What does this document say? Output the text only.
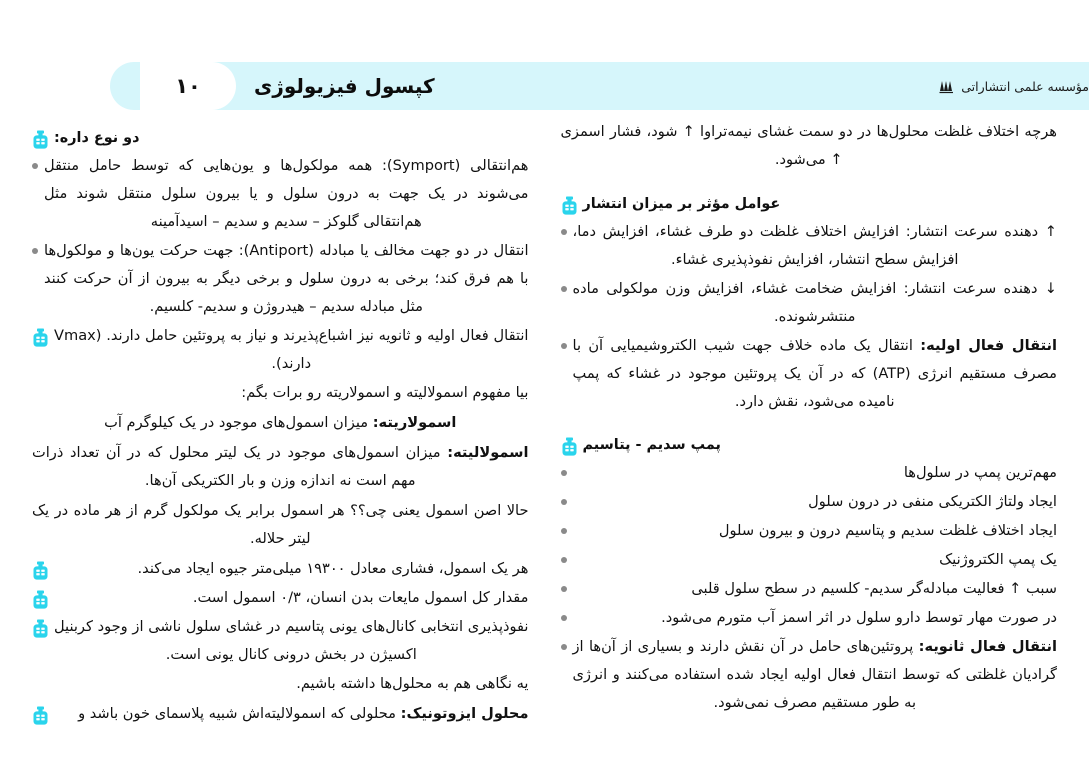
۱۰	کپسول فیزیولوژی	مؤسسه علمی انتشاراتی
هرچه اختلاف غلظت محلول‌ها در دو سمت غشای نیمه‌تراوا ↑ شود، فشار اسمزی ↑ می‌شود.
عوامل مؤثر بر میزان انتشار
↑ دهنده سرعت انتشار: افزایش اختلاف غلظت دو طرف غشاء، افزایش دما، افزایش سطح انتشار، افزایش نفوذپذیری غشاء.
↓ دهنده سرعت انتشار: افزایش ضخامت غشاء، افزایش وزن مولکولی ماده منتشرشونده.
انتقال فعال اولیه: انتقال یک ماده خلاف جهت شیب الکتروشیمیایی آن با مصرف مستقیم انرژی (ATP) که در آن یک پروتئین موجود در غشاء که پمپ نامیده می‌شود، نقش دارد.
پمپ سدیم - پتاسیم
مهم‌ترین پمپ در سلول‌ها
ایجاد ولتاژ الکتریکی منفی در درون سلول
ایجاد اختلاف غلظت سدیم و پتاسیم درون و بیرون سلول
یک پمپ الکتروژنیک
سبب ↑ فعالیت مبادله‌گر سدیم- کلسیم در سطح سلول قلبی
در صورت مهار توسط دارو سلول در اثر اسمز آب متورم می‌شود.
انتقال فعال ثانویه: پروتئین‌های حامل در آن نقش دارند و بسیاری از آن‌ها از گرادیان غلظتی که توسط انتقال فعال اولیه ایجاد شده استفاده می‌کنند و انرژی به طور مستقیم مصرف نمی‌شود.
دو نوع داره:
هم‌انتقالی (Symport): همه مولکول‌ها و یون‌هایی که توسط حامل منتقل می‌شوند در یک جهت به درون سلول و یا بیرون سلول منتقل شوند مثل هم‌انتقالی گلوکز – سدیم و سدیم – اسیدآمینه
انتقال در دو جهت مخالف یا مبادله (Antiport): جهت حرکت یون‌ها و مولکول‌ها با هم فرق کند؛ برخی به درون سلول و برخی دیگر به بیرون از آن حرکت کنند مثل مبادله سدیم – هیدروژن و سدیم- کلسیم.
انتقال فعال اولیه و ثانویه نیز اشباع‌پذیرند و نیاز به پروتئین حامل دارند. (Vmax دارند).
بیا مفهوم اسمولالیته و اسمولاریته رو برات بگم:
اسمولاریته: میزان اسمول‌های موجود در یک کیلوگرم آب
اسمولالیته: میزان اسمول‌های موجود در یک لیتر محلول که در آن تعداد ذرات مهم است نه اندازه وزن و بار الکتریکی آن‌ها.
حالا اصن اسمول یعنی چی؟؟ هر اسمول برابر یک مولکول گرم از هر ماده در یک لیتر حلاله.
هر یک اسمول، فشاری معادل ۱۹۳۰۰ میلی‌متر جیوه ایجاد می‌کند.
مقدار کل اسمول مایعات بدن انسان، ۰/۳ اسمول است.
نفوذپذیری انتخابی کانال‌های یونی پتاسیم در غشای سلول ناشی از وجود کربنیل اکسیژن در بخش درونی کانال یونی است.
یه نگاهی هم به محلول‌ها داشته باشیم.
محلول ایزوتونیک: محلولی که اسمولالیته‌اش شبیه پلاسمای خون باشد و
